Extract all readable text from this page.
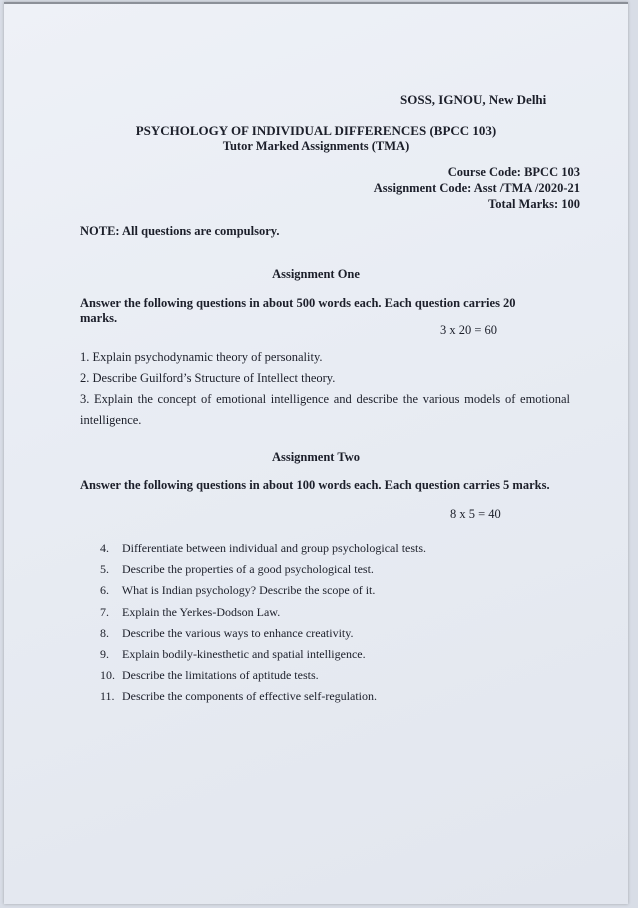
SOSS, IGNOU, New Delhi
PSYCHOLOGY OF INDIVIDUAL DIFFERENCES (BPCC 103)
Tutor Marked Assignments (TMA)
Course Code: BPCC 103
Assignment Code: Asst /TMA /2020-21
Total Marks: 100
NOTE: All questions are compulsory.
Assignment One
Answer the following questions in about 500 words each. Each question carries 20 marks.
3 x 20 = 60

1. Explain psychodynamic theory of personality.

2. Describe Guilford’s Structure of Intellect theory.

3. Explain the concept of emotional intelligence and describe the various models of emotional intelligence.

Assignment Two
Answer the following questions in about 100 words each. Each question carries 5 marks.
8 x 5 = 40

4. Differentiate between individual and group psychological tests.

5. Describe the properties of a good psychological test.

6. What is Indian psychology? Describe the scope of it.

7. Explain the Yerkes-Dodson Law.

8. Describe the various ways to enhance creativity.

9. Explain bodily-kinesthetic and spatial intelligence.

10. Describe the limitations of aptitude tests.

11. Describe the components of effective self-regulation.
